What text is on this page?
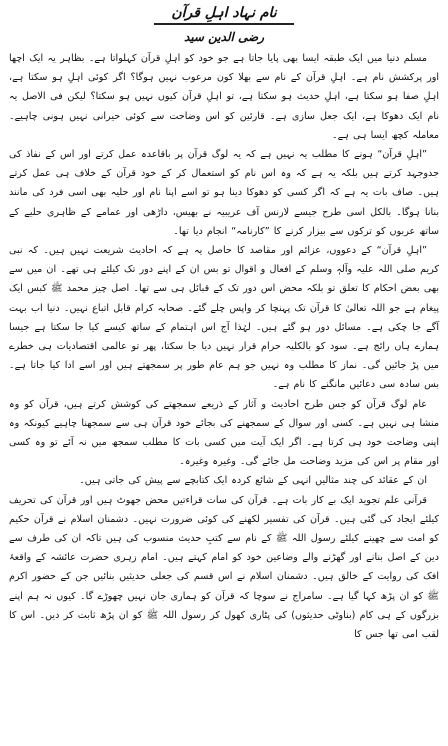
نام نہاد اہلِ قرآن
رضی الدین سید

مسلم دنیا میں ایک طبقہ ایسا بھی پایا جاتا ہے جو خود کو اہلِ قرآن کہلواتا ہے۔ بظاہر یہ ایک اچھا اور پرکشش نام ہے۔ اہلِ قرآن کے نام سے بھلا کون مرعوب نہیں ہوگا؟ اگر کوئی اہلِ ہو سکتا ہے، اہلِ صفا ہو سکتا ہے، اہلِ حدیث ہو سکتا ہے، تو اہلِ قرآن کیوں نہیں ہو سکتا؟ لیکن فی الاصل یہ نام ایک دھوکا ہے، ایک جعل سازی ہے۔ قارئین کو اس وضاحت سے کوئی حیرانی نہیں ہونی چاہیے۔ معاملہ کچھ ایسا ہی ہے۔

”اہلِ قرآن“ ہونے کا مطلب یہ نہیں ہے کہ یہ لوگ قرآن پر باقاعدہ عمل کرتے اور اس کے نفاذ کی جدوجہد کرتے ہیں بلکہ یہ ہے کہ وہ اس نام کو استعمال کر کے خود قرآن کے خلاف ہی عمل کرتے ہیں۔ صاف بات یہ ہے کہ اگر کسی کو دھوکا دینا ہو تو اسے اپنا نام اور حلیہ بھی اسی فرد کی مانند بنانا ہوگا۔ بالکل اسی طرح جیسے لارنس آف عریبیہ نے بھیس، داڑھی اور عمامے کے ظاہری حلیے کے ساتھ عربوں کو ترکوں سے بیزار کرنے کا ”کارنامہ“ انجام دیا تھا۔

”اہلِ قرآن“ کے دعووں، عزائم اور مقاصد کا حاصل یہ ہے کہ احادیث شریعت نہیں ہیں۔ کہ نبی کریم صلی اللہ علیہ وآلہٖ وسلم کے افعال و اقوال تو بس ان کے اپنے دور تک کیلئے ہی تھے۔ ان میں سے بھی بعض احکام کا تعلق تو بلکہ محض اس دور تک کے قبائل ہی سے تھا۔ اصل چیز محمد ﷺ کبس ایک پیغام ہے جو اللہ تعالیٰ کا قرآن تک پہنچا کر واپس چلے گئے۔ صحابہ کرام قابل اتباع نہیں۔ دنیا اب بہت آگے جا چکی ہے۔ مسائل دور ہو گئے ہیں۔ لہٰذا آج اس اہتمام کے ساتھ کیسے کیا جا سکتا ہے جیسا ہمارے ہاں رائج ہے۔ سود کو بالکلیہ حرام قرار نہیں دیا جا سکتا، پھر تو عالمی اقتصادیات ہی خطرے میں پڑ جائیں گی۔ نماز کا مطلب وہ نہیں جو ہم عام طور پر سمجھتے ہیں اور اسے ادا کیا جاتا ہے۔ بس سادہ سی دعائیں مانگنے کا نام ہے۔

عام لوگ قرآن کو جس طرح احادیث و آثار کے ذریعے سمجھتے کی کوشش کرتے ہیں، قرآن کو وہ منشا ہی نہیں ہے۔ کسی اور سوال کے سمجھنے کی بجائے خود قرآن ہی سے سمجھنا چاہیے کیونکہ وہ اپنی وضاحت خود ہی کرتا ہے۔ اگر ایک آیت میں کسی بات کا مطلب سمجھ میں نہ آئے تو وہ کسی اور مقام پر اس کی مزید وضاحت مل جائے گی۔ وغیرہ وغیرہ۔

ان کے عقائد کی چند مثالیں انہی کے شائع کردہ ایک کتابچے سے پیش کی جاتی ہیں۔

قرآنی علم تجوید ایک بے کار بات ہے۔ قرآن کی سات قراءتیں محض جھوٹ ہیں اور قرآن کی تحریف کیلئے ایجاد کی گئی ہیں۔ قرآن کی تفسیر لکھنے کی کوئی ضرورت نہیں۔ دشمنان اسلام نے قرآن حکیم کو امت سے چھینے کیلئے رسول اللہ ﷺ کے نام سے کتبِ حدیث منسوب کی ہیں تاکہ ان کی طرف سے دین کے اصل بنانے اور گھڑنے والے وضاعین خود کو امام کہتے ہیں۔ امام زہری حضرت عائشہ کے واقعۂ افک کی روایت کے خالق ہیں۔ دشمنان اسلام نے اس قسم کی جعلی حدیثیں بنائیں جن کے حضور اکرم ﷺ کو ان پڑھ کہا گیا ہے۔ سامراج نے سوچا کہ قرآن کو ہماری جان نہیں چھوڑے گا۔ کیوں نہ ہم اپنے بزرگوں کے ہی کام (بناوٹی حدیثوں) کی پٹاری کھول کر رسول اللہ ﷺ کو ان پڑھ ثابت کر دیں۔ اس کا لقب امی تھا جس کا
